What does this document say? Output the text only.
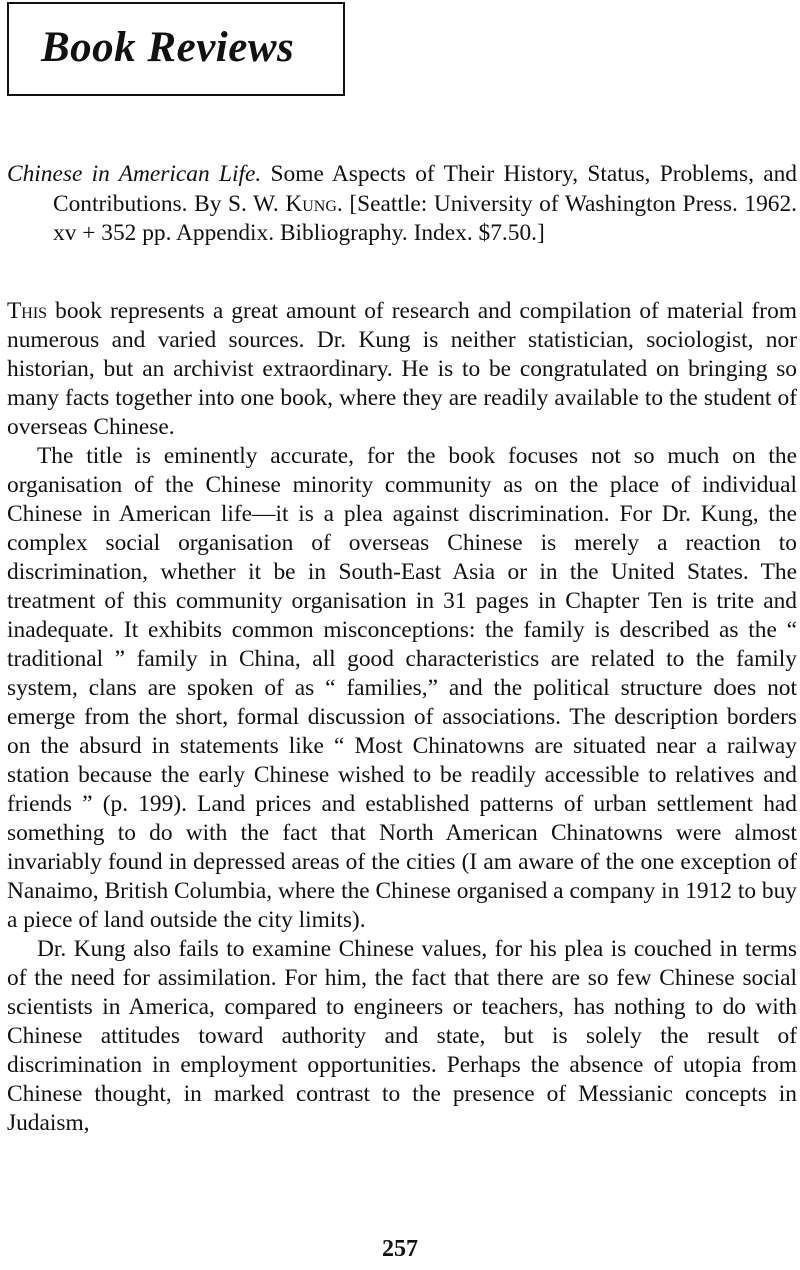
Book Reviews
Chinese in American Life. Some Aspects of Their History, Status, Problems, and Contributions. By S. W. Kung. [Seattle: University of Washington Press. 1962. xv + 352 pp. Appendix. Bibliography. Index. $7.50.]

This book represents a great amount of research and compilation of material from numerous and varied sources. Dr. Kung is neither statistician, sociologist, nor historian, but an archivist extraordinary. He is to be congratulated on bringing so many facts together into one book, where they are readily available to the student of overseas Chinese.

The title is eminently accurate, for the book focuses not so much on the organisation of the Chinese minority community as on the place of individual Chinese in American life—it is a plea against discrimination. For Dr. Kung, the complex social organisation of overseas Chinese is merely a reaction to discrimination, whether it be in South-East Asia or in the United States. The treatment of this community organisation in 31 pages in Chapter Ten is trite and inadequate. It exhibits common misconceptions: the family is described as the “ traditional ” family in China, all good characteristics are related to the family system, clans are spoken of as “ families,” and the political structure does not emerge from the short, formal discussion of associations. The description borders on the absurd in statements like “ Most Chinatowns are situated near a railway station because the early Chinese wished to be readily accessible to relatives and friends ” (p. 199). Land prices and established patterns of urban settlement had something to do with the fact that North American Chinatowns were almost invariably found in depressed areas of the cities (I am aware of the one exception of Nanaimo, British Columbia, where the Chinese organised a company in 1912 to buy a piece of land outside the city limits).

Dr. Kung also fails to examine Chinese values, for his plea is couched in terms of the need for assimilation. For him, the fact that there are so few Chinese social scientists in America, compared to engineers or teachers, has nothing to do with Chinese attitudes toward authority and state, but is solely the result of discrimination in employment opportunities. Perhaps the absence of utopia from Chinese thought, in marked contrast to the presence of Messianic concepts in Judaism,

257
